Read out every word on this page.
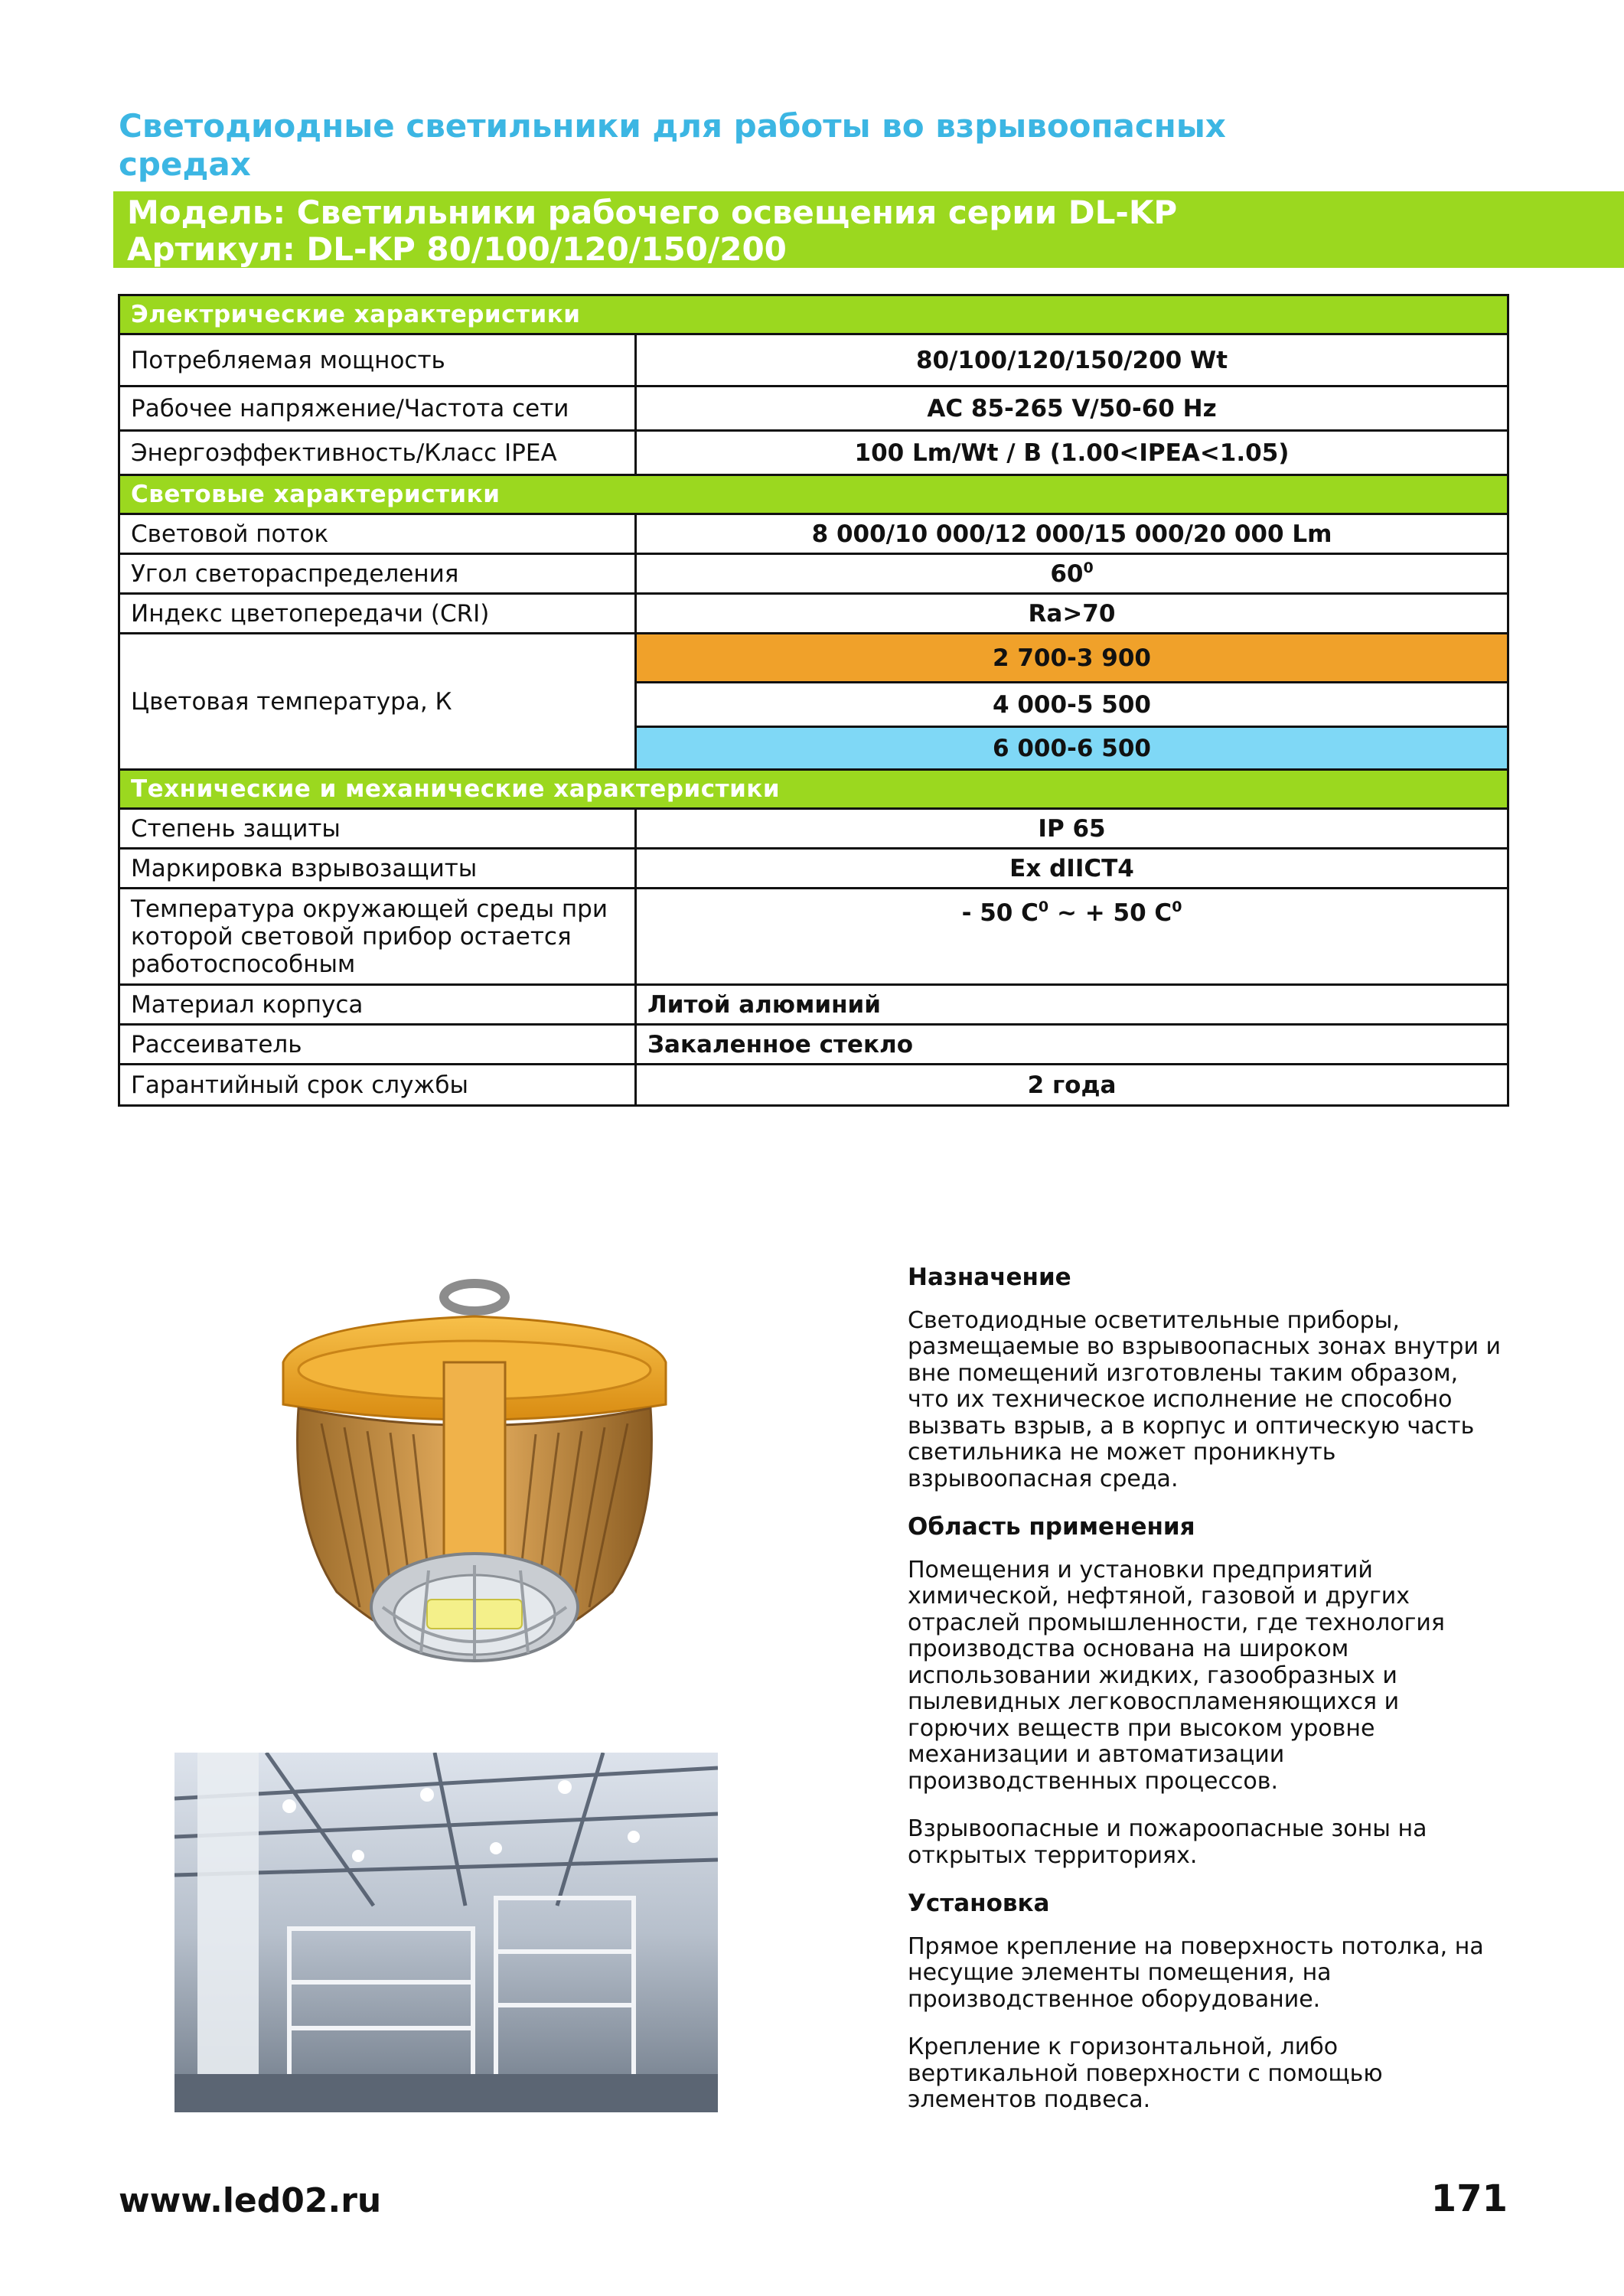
Светодиодные светильники для работы во взрывоопасных средах
Модель: Светильники рабочего освещения серии DL-KP
Артикул: DL-KP 80/100/120/150/200
Электрические характеристики	
Потребляемая мощность	80/100/120/150/200 Wt
Рабочее напряжение/Частота сети	AC 85-265 V/50-60 Hz
Энергоэффективность/Класс IPEA	100 Lm/Wt / B (1.00<IPEA<1.05)
Световые характеристики	
Световой поток	8 000/10 000/12 000/15 000/20 000 Lm
Угол светораспределения	$60^0$
Индекс цветопередачи (CRI)	Ra>70
Цветовая температура, К	2 700-3 900
	4 000-5 500
	6 000-6 500
Технические и механические характеристики	
Степень защиты	IP 65
Маркировка взрывозащиты	Ex dIICT4
Температура окружающей среды при которой световой прибор остается работоспособным	- 50 $C^0$ ~ + 50 $C^0$
Материал корпуса	Литой алюминий
Рассеиватель	Закаленное стекло
Гарантийный срок службы	2 года
Назначение

Светодиодные осветительные приборы, размещаемые во взрывоопасных зонах внутри и вне помещений изготовлены таким образом, что их техническое исполнение не способно вызвать взрыв, а в корпус и оптическую часть светильника не может проникнуть взрывоопасная среда.

Область применения

Помещения и установки предприятий химической, нефтяной, газовой и других отраслей промышленности, где технология производства основана на широком использовании жидких, газообразных и пылевидных легковоспламеняющихся и горючих веществ при высоком уровне механизации и автоматизации производственных процессов.

Взрывоопасные и пожароопасные зоны на открытых территориях.

Установка

Прямое крепление на поверхность потолка, на несущие элементы помещения, на производственное оборудование.

Крепление к горизонтальной, либо вертикальной поверхности с помощью элементов подвеса.

www.led02.ru	171
